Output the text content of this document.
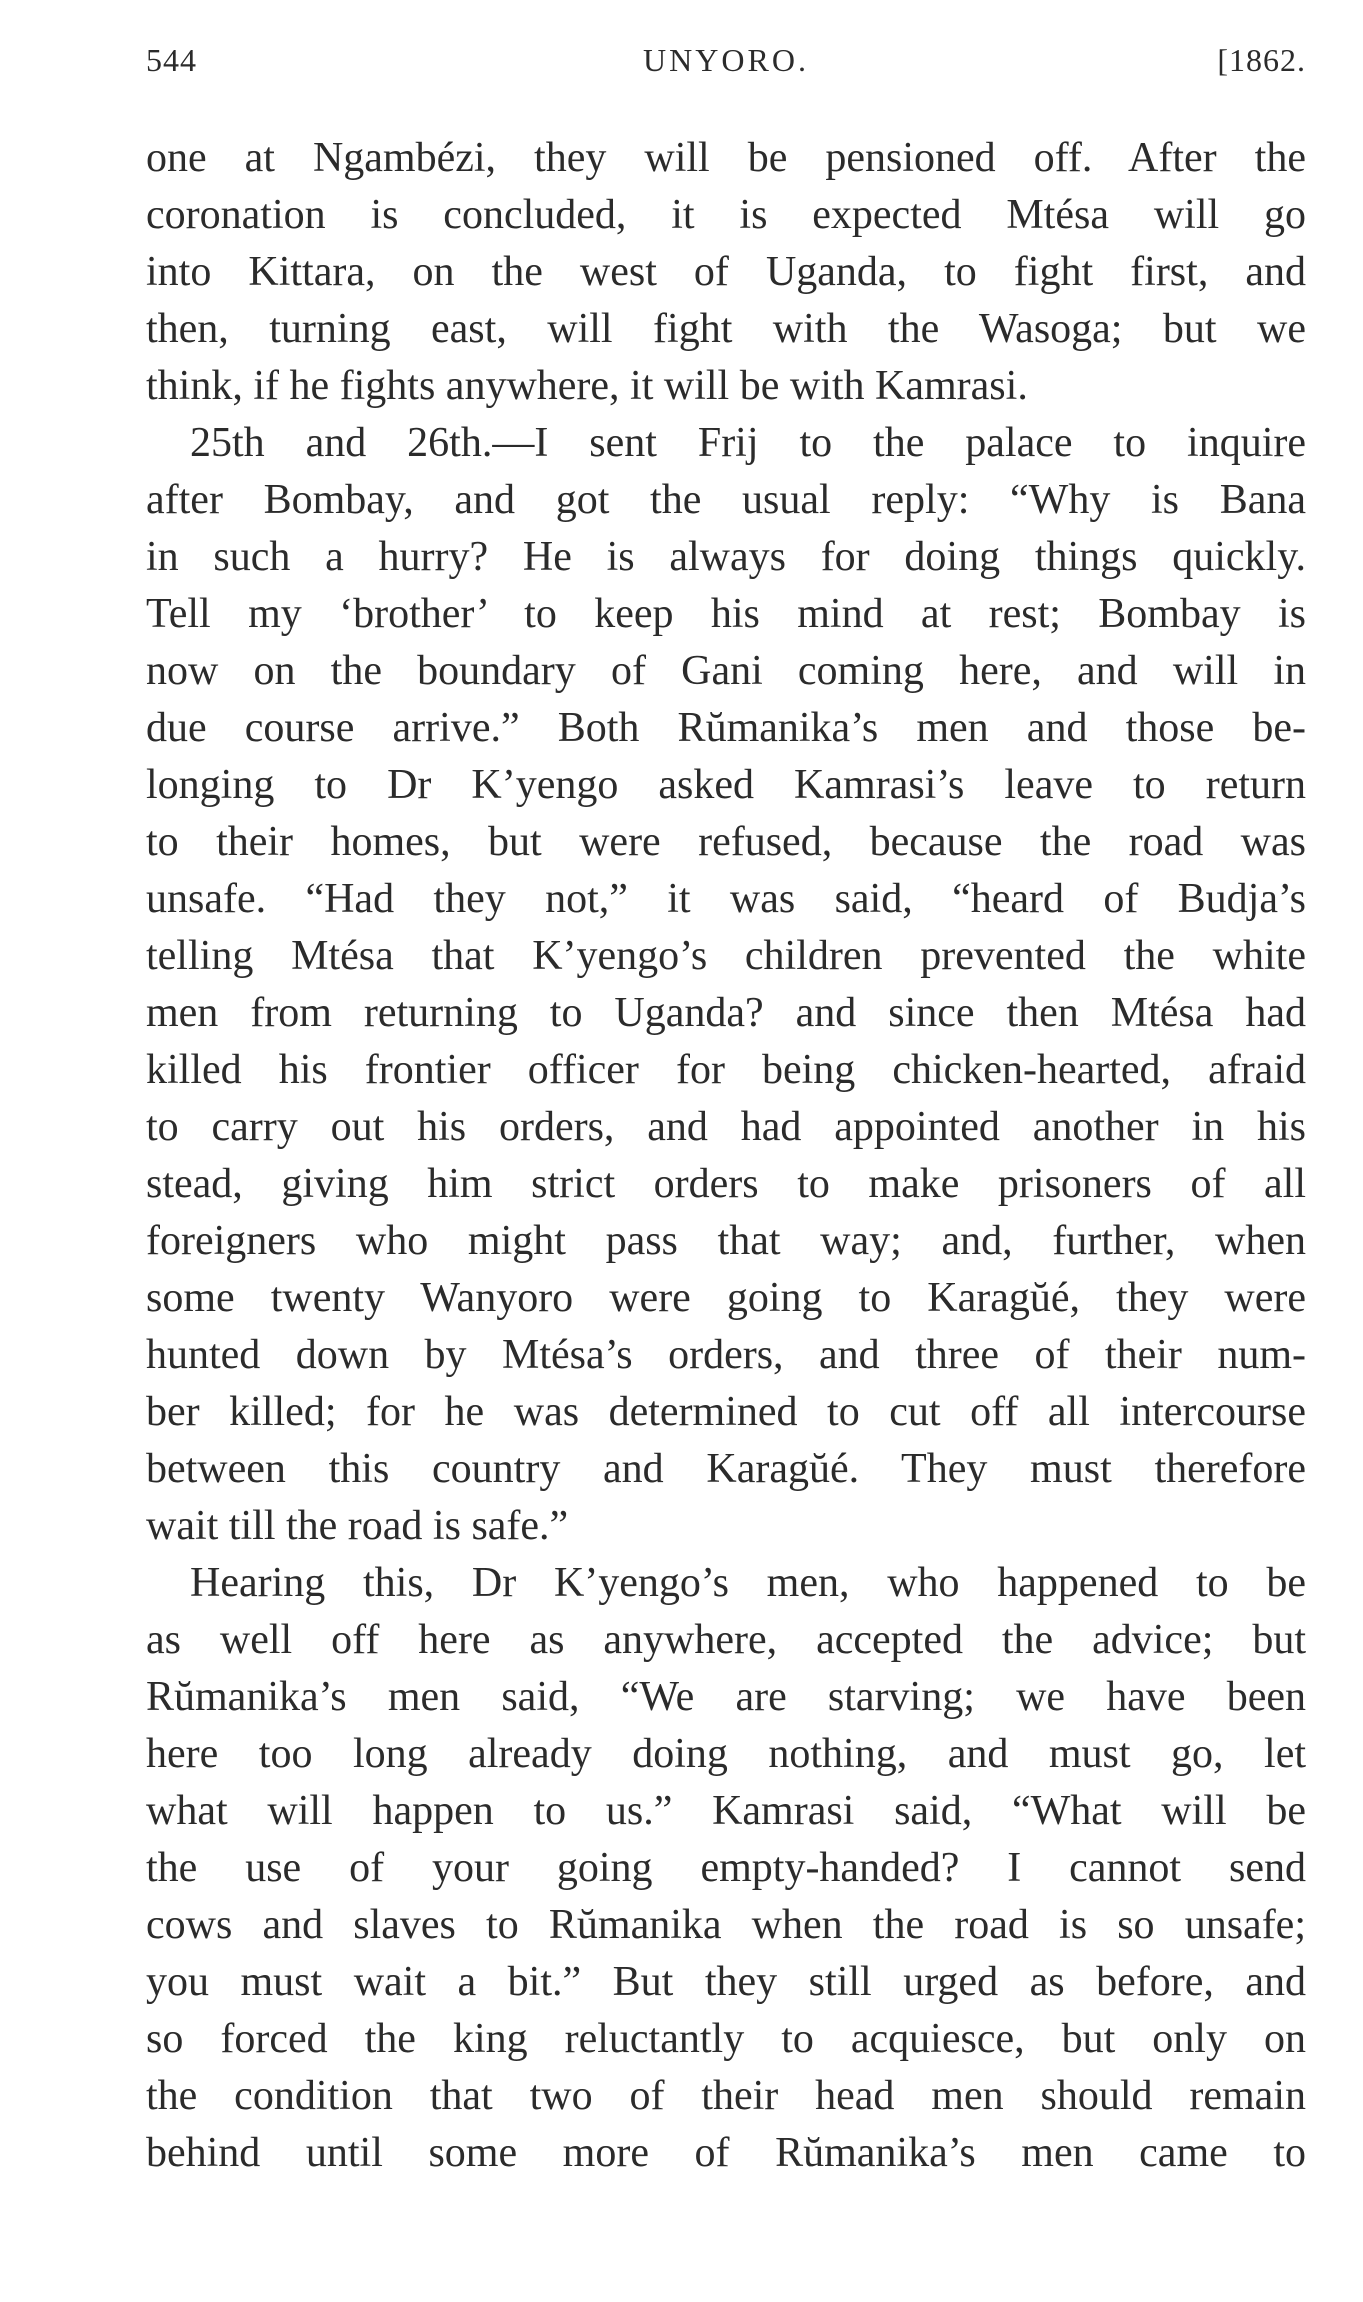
544	UNYORO.	[1862.
one at Ngambézi, they will be pensioned off. After the
coronation is concluded, it is expected Mtésa will go
into Kittara, on the west of Uganda, to fight first, and
then, turning east, will fight with the Wasoga; but we
think, if he fights anywhere, it will be with Kamrasi.
25th and 26th.—I sent Frij to the palace to inquire
after Bombay, and got the usual reply: “Why is Bana
in such a hurry? He is always for doing things quickly.
Tell my ‘brother’ to keep his mind at rest; Bombay is
now on the boundary of Gani coming here, and will in
due course arrive.” Both Rŭmanika’s men and those be-
longing to Dr K’yengo asked Kamrasi’s leave to return
to their homes, but were refused, because the road was
unsafe. “Had they not,” it was said, “heard of Budja’s
telling Mtésa that K’yengo’s children prevented the white
men from returning to Uganda? and since then Mtésa had
killed his frontier officer for being chicken-hearted, afraid
to carry out his orders, and had appointed another in his
stead, giving him strict orders to make prisoners of all
foreigners who might pass that way; and, further, when
some twenty Wanyoro were going to Karagŭé, they were
hunted down by Mtésa’s orders, and three of their num-
ber killed; for he was determined to cut off all intercourse
between this country and Karagŭé. They must therefore
wait till the road is safe.”
Hearing this, Dr K’yengo’s men, who happened to be
as well off here as anywhere, accepted the advice; but
Rŭmanika’s men said, “We are starving; we have been
here too long already doing nothing, and must go, let
what will happen to us.” Kamrasi said, “What will be
the use of your going empty-handed? I cannot send
cows and slaves to Rŭmanika when the road is so unsafe;
you must wait a bit.” But they still urged as before, and
so forced the king reluctantly to acquiesce, but only on
the condition that two of their head men should remain
behind until some more of Rŭmanika’s men came to
